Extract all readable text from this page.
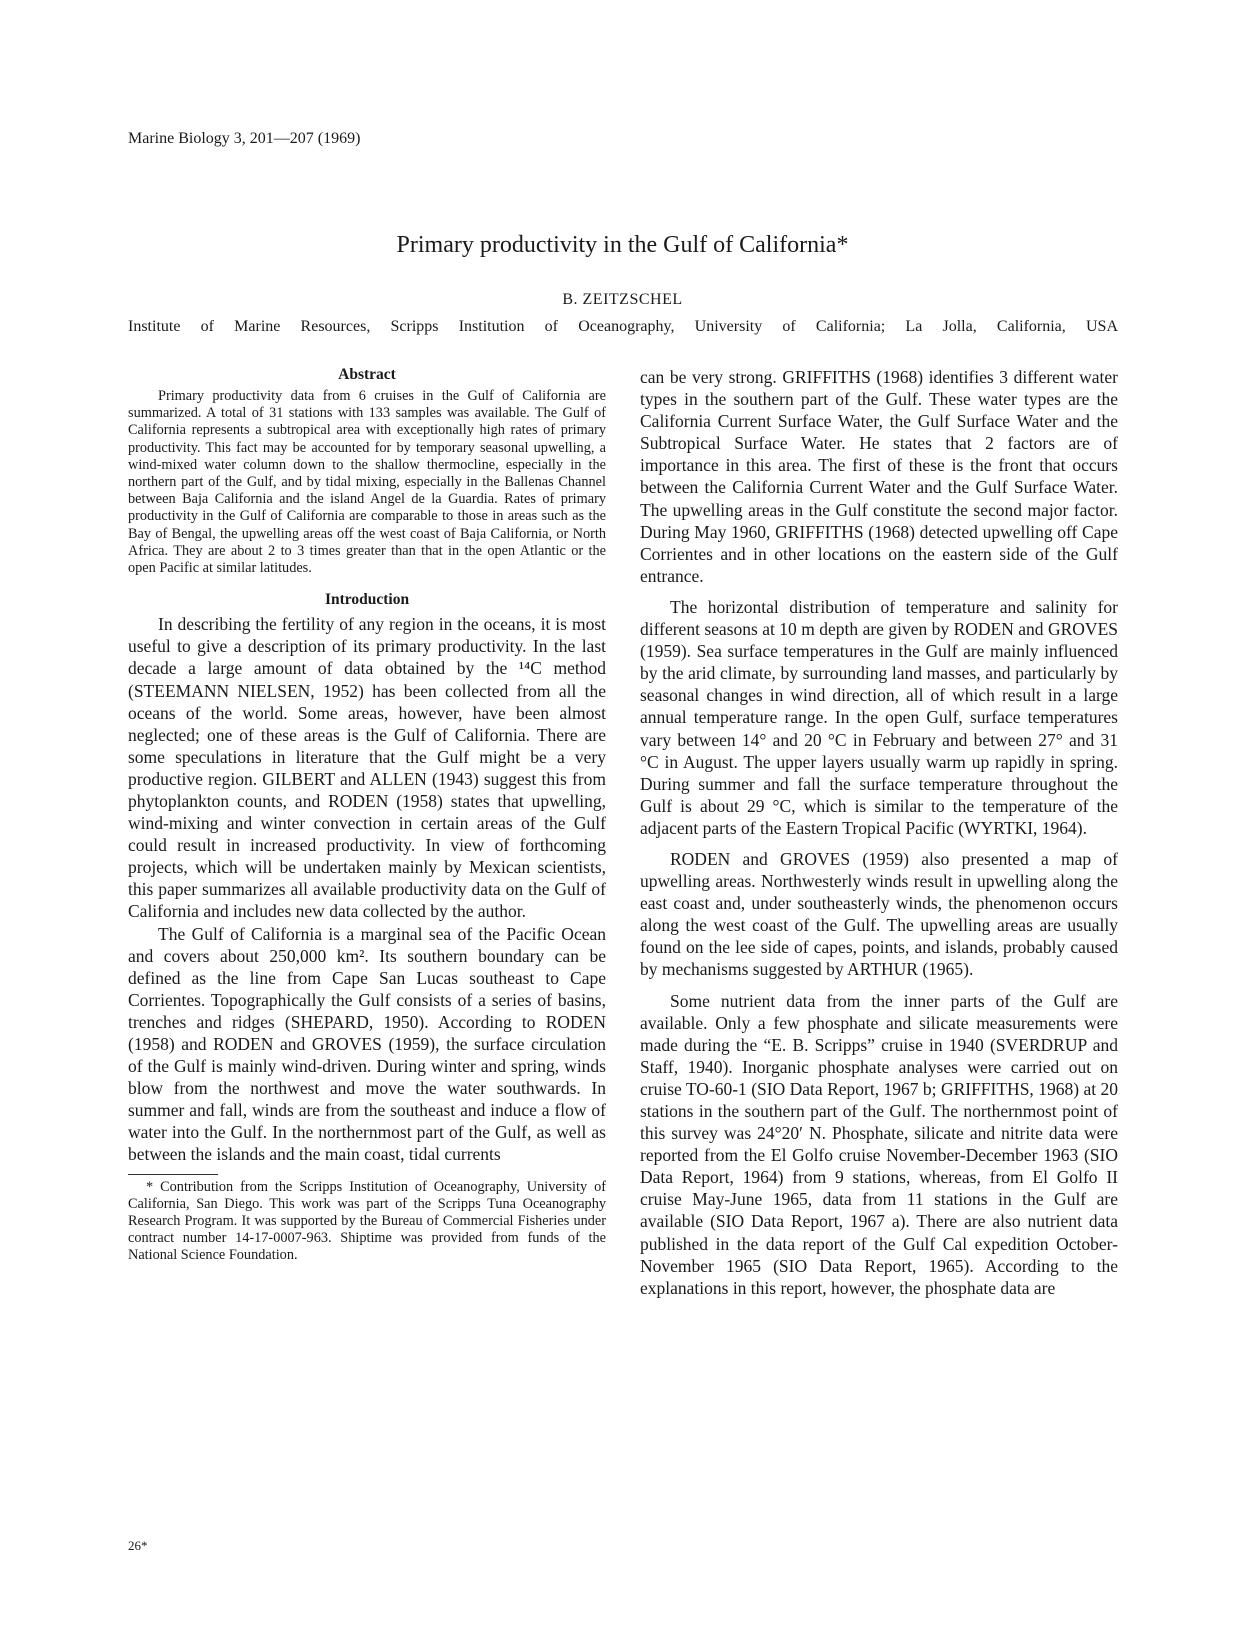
Marine Biology 3, 201—207 (1969)
Primary productivity in the Gulf of California*
B. ZEITZSCHEL
Institute of Marine Resources, Scripps Institution of Oceanography, University of California; La Jolla, California, USA
Abstract

Primary productivity data from 6 cruises in the Gulf of California are summarized. A total of 31 stations with 133 samples was available. The Gulf of California represents a subtropical area with exceptionally high rates of primary productivity. This fact may be accounted for by temporary seasonal upwelling, a wind-mixed water column down to the shallow thermocline, especially in the northern part of the Gulf, and by tidal mixing, especially in the Ballenas Channel between Baja California and the island Angel de la Guardia. Rates of primary productivity in the Gulf of California are comparable to those in areas such as the Bay of Bengal, the upwelling areas off the west coast of Baja California, or North Africa. They are about 2 to 3 times greater than that in the open Atlantic or the open Pacific at similar latitudes.

Introduction

In describing the fertility of any region in the oceans, it is most useful to give a description of its primary productivity. In the last decade a large amount of data obtained by the ¹⁴C method (STEEMANN NIELSEN, 1952) has been collected from all the oceans of the world. Some areas, however, have been almost neglected; one of these areas is the Gulf of California. There are some speculations in literature that the Gulf might be a very productive region. GILBERT and ALLEN (1943) suggest this from phytoplankton counts, and RODEN (1958) states that upwelling, wind-mixing and winter convection in certain areas of the Gulf could result in increased productivity. In view of forthcoming projects, which will be undertaken mainly by Mexican scientists, this paper summarizes all available productivity data on the Gulf of California and includes new data collected by the author.

The Gulf of California is a marginal sea of the Pacific Ocean and covers about 250,000 km². Its southern boundary can be defined as the line from Cape San Lucas southeast to Cape Corrientes. Topographically the Gulf consists of a series of basins, trenches and ridges (SHEPARD, 1950). According to RODEN (1958) and RODEN and GROVES (1959), the surface circulation of the Gulf is mainly wind-driven. During winter and spring, winds blow from the northwest and move the water southwards. In summer and fall, winds are from the southeast and induce a flow of water into the Gulf. In the northernmost part of the Gulf, as well as between the islands and the main coast, tidal currents

* Contribution from the Scripps Institution of Oceanography, University of California, San Diego. This work was part of the Scripps Tuna Oceanography Research Program. It was supported by the Bureau of Commercial Fisheries under contract number 14-17-0007-963. Shiptime was provided from funds of the National Science Foundation.

can be very strong. GRIFFITHS (1968) identifies 3 different water types in the southern part of the Gulf. These water types are the California Current Surface Water, the Gulf Surface Water and the Subtropical Surface Water. He states that 2 factors are of importance in this area. The first of these is the front that occurs between the California Current Water and the Gulf Surface Water. The upwelling areas in the Gulf constitute the second major factor. During May 1960, GRIFFITHS (1968) detected upwelling off Cape Corrientes and in other locations on the eastern side of the Gulf entrance.

The horizontal distribution of temperature and salinity for different seasons at 10 m depth are given by RODEN and GROVES (1959). Sea surface temperatures in the Gulf are mainly influenced by the arid climate, by surrounding land masses, and particularly by seasonal changes in wind direction, all of which result in a large annual temperature range. In the open Gulf, surface temperatures vary between 14° and 20 °C in February and between 27° and 31 °C in August. The upper layers usually warm up rapidly in spring. During summer and fall the surface temperature throughout the Gulf is about 29 °C, which is similar to the temperature of the adjacent parts of the Eastern Tropical Pacific (WYRTKI, 1964).

RODEN and GROVES (1959) also presented a map of upwelling areas. Northwesterly winds result in upwelling along the east coast and, under southeasterly winds, the phenomenon occurs along the west coast of the Gulf. The upwelling areas are usually found on the lee side of capes, points, and islands, probably caused by mechanisms suggested by ARTHUR (1965).

Some nutrient data from the inner parts of the Gulf are available. Only a few phosphate and silicate measurements were made during the “E. B. Scripps” cruise in 1940 (SVERDRUP and Staff, 1940). Inorganic phosphate analyses were carried out on cruise TO-60-1 (SIO Data Report, 1967 b; GRIFFITHS, 1968) at 20 stations in the southern part of the Gulf. The northernmost point of this survey was 24°20′ N. Phosphate, silicate and nitrite data were reported from the El Golfo cruise November-December 1963 (SIO Data Report, 1964) from 9 stations, whereas, from El Golfo II cruise May-June 1965, data from 11 stations in the Gulf are available (SIO Data Report, 1967 a). There are also nutrient data published in the data report of the Gulf Cal expedition October-November 1965 (SIO Data Report, 1965). According to the explanations in this report, however, the phosphate data are

26*
